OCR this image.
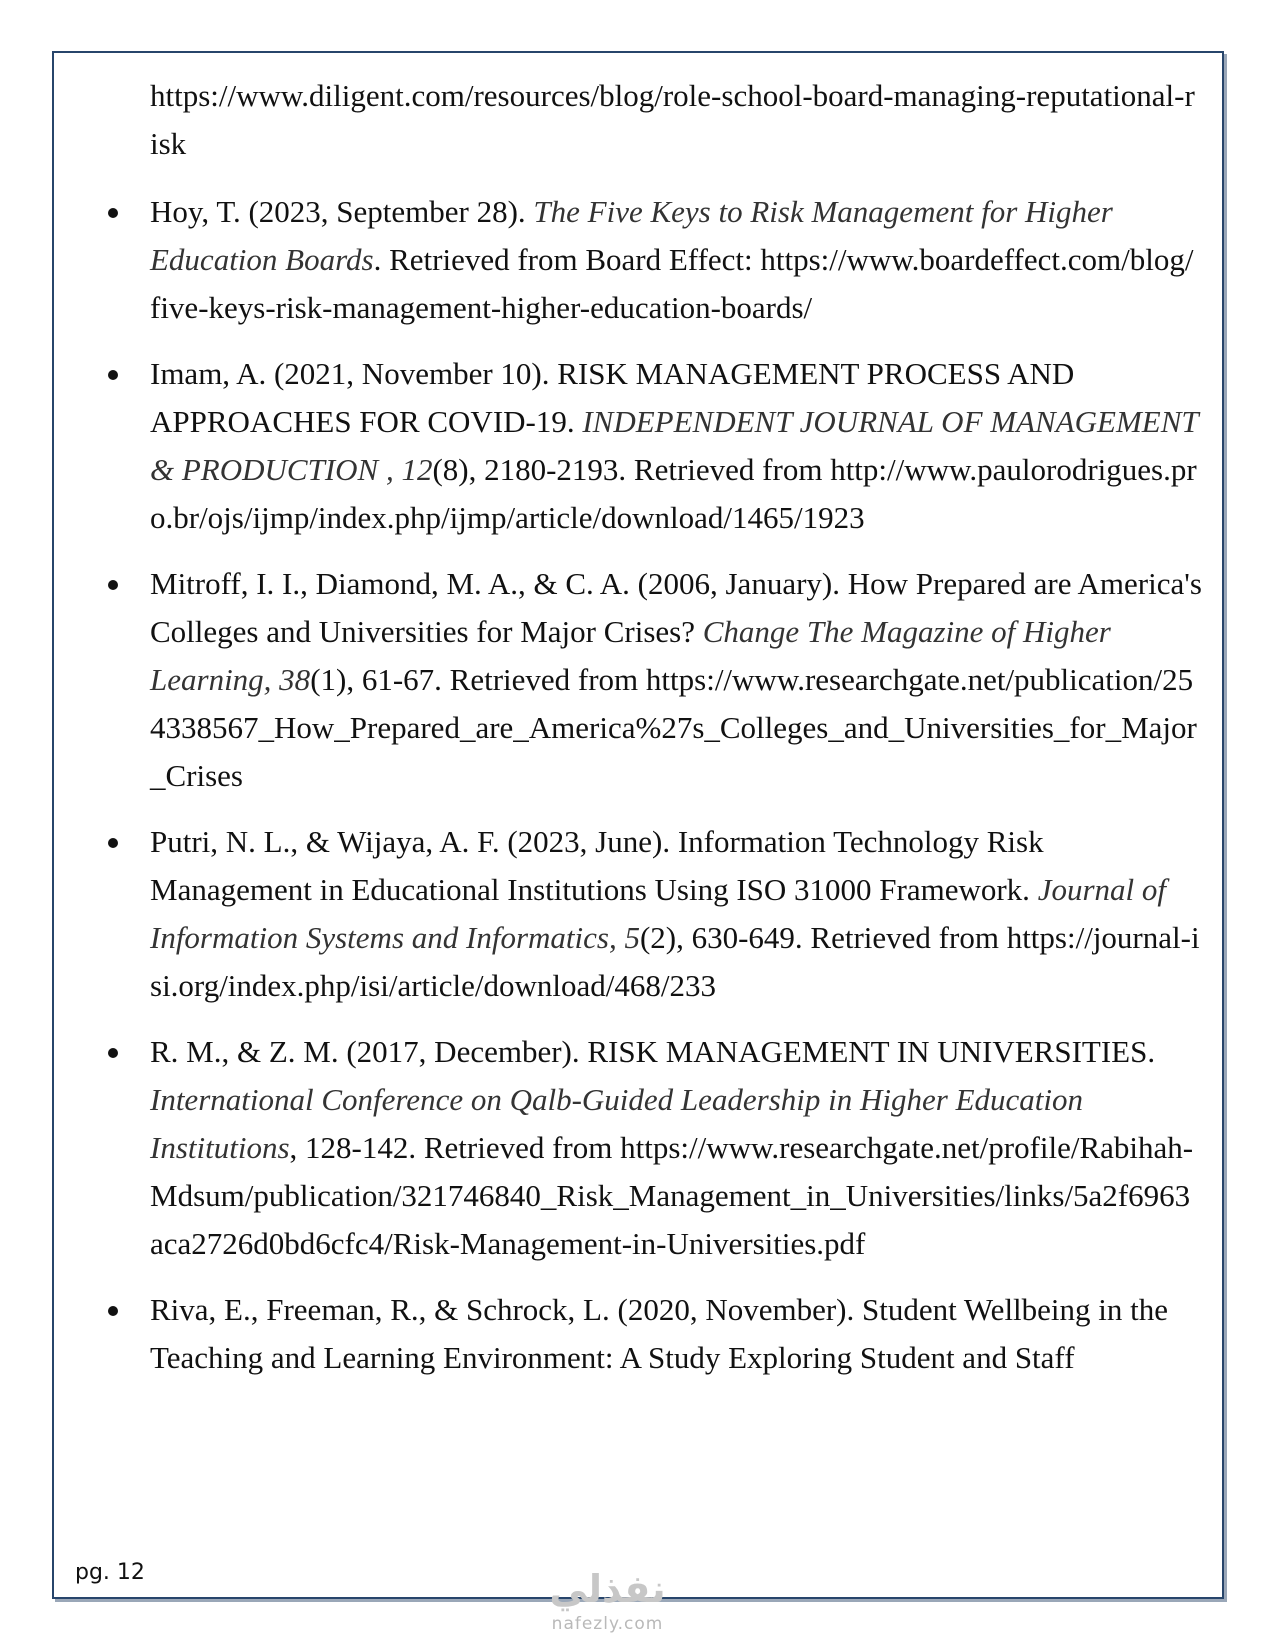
https://www.diligent.com/resources/blog/role-school-board-managing-reputational-risk

Hoy, T. (2023, September 28). The Five Keys to Risk Management for Higher Education Boards. Retrieved from Board Effect: https://www.boardeffect.com/blog/five-keys-risk-management-higher-education-boards/
Imam, A. (2021, November 10). RISK MANAGEMENT PROCESS AND APPROACHES FOR COVID-19. INDEPENDENT JOURNAL OF MANAGEMENT & PRODUCTION , 12(8), 2180-2193. Retrieved from http://www.paulorodrigues.pro.br/ojs/ijmp/index.php/ijmp/article/download/1465/1923
Mitroff, I. I., Diamond, M. A., & C. A. (2006, January). How Prepared are America's Colleges and Universities for Major Crises? Change The Magazine of Higher Learning, 38(1), 61-67. Retrieved from https://www.researchgate.net/publication/254338567_How_Prepared_are_America%27s_Colleges_and_Universities_for_Major_Crises
Putri, N. L., & Wijaya, A. F. (2023, June). Information Technology Risk Management in Educational Institutions Using ISO 31000 Framework. Journal of Information Systems and Informatics, 5(2), 630-649. Retrieved from https://journal-isi.org/index.php/isi/article/download/468/233
R. M., & Z. M. (2017, December). RISK MANAGEMENT IN UNIVERSITIES. International Conference on Qalb-Guided Leadership in Higher Education Institutions, 128-142. Retrieved from https://www.researchgate.net/profile/Rabihah-Mdsum/publication/321746840_Risk_Management_in_Universities/links/5a2f6963aca2726d0bd6cfc4/Risk-Management-in-Universities.pdf
Riva, E., Freeman, R., & Schrock, L. (2020, November). Student Wellbeing in the Teaching and Learning Environment: A Study Exploring Student and Staff
pg. 12	نفذلي
nafezly.com
